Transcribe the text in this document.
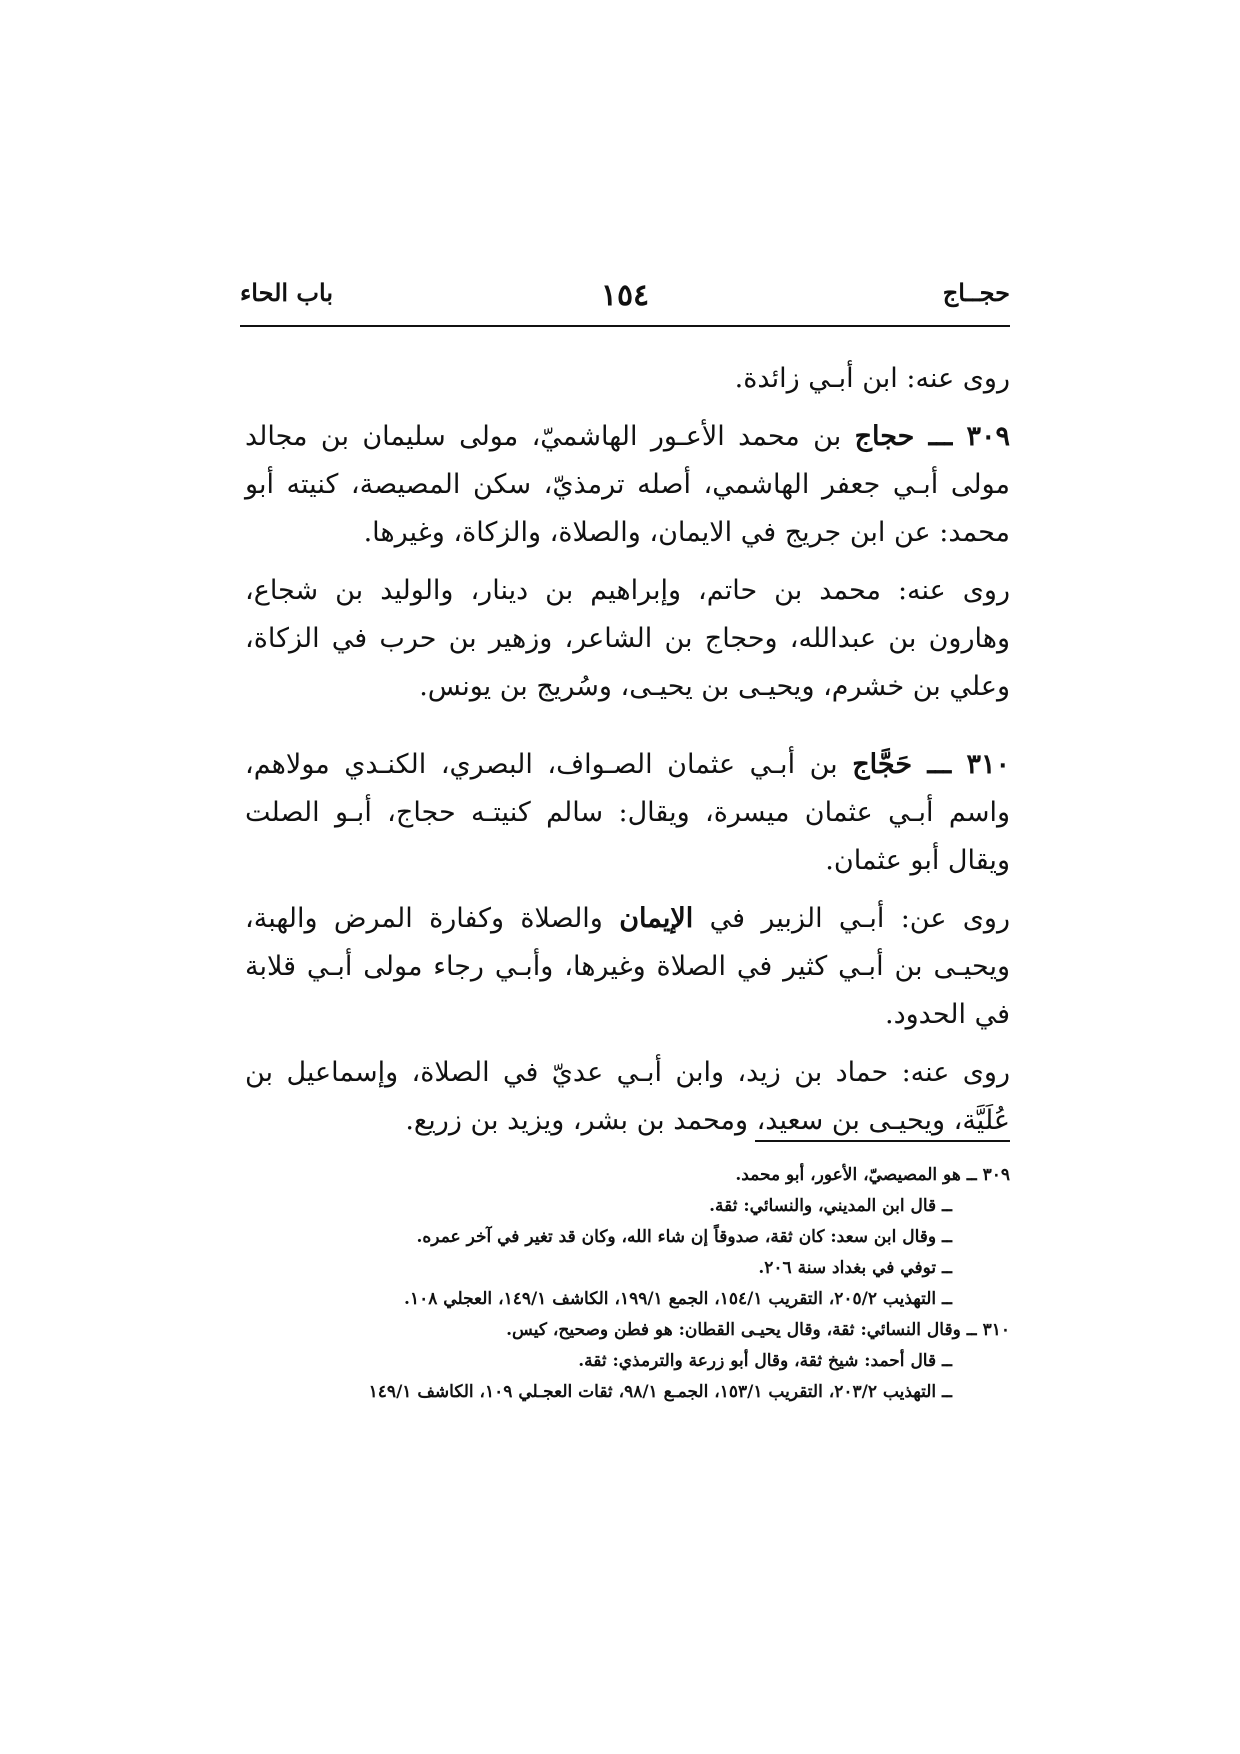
حجــاج
١٥٤
باب الحاء

روى عنه: ابن أبـي زائدة.

٣٠٩ ـــ حجاج بن محمد الأعـور الهاشميّ، مولى سليمان بن مجالد مولى أبـي جعفر الهاشمي، أصله ترمذيّ، سكن المصيصة، كنيته أبو محمد: عن ابن جريج في الايمان، والصلاة، والزكاة، وغيرها.

روى عنه: محمد بن حاتم، وإبراهيم بن دينار، والوليد بن شجاع، وهارون بن عبدالله، وحجاج بن الشاعر، وزهير بن حرب في الزكاة، وعلي بن خشرم، ويحيـى بن يحيـى، وسُريج بن يونس.

٣١٠ ـــ حَجَّاج بن أبـي عثمان الصـواف، البصري، الكنـدي مولاهم، واسم أبـي عثمان ميسرة، ويقال: سالم كنيتـه حجاج، أبـو الصلت ويقال أبو عثمان.

روى عن: أبـي الزبير في الإيمان والصلاة وكفارة المرض والهبة، ويحيـى بن أبـي كثير في الصلاة وغيرها، وأبـي رجاء مولى أبـي قلابة في الحدود.

روى عنه: حماد بن زيد، وابن أبـي عديّ في الصلاة، وإسماعيل بن عُلَيَّة، ويحيـى بن سعيد، ومحمد بن بشر، ويزيد بن زريع.

٣٠٩ ــ هو المصيصيّ، الأعور، أبو محمد.
ــ قال ابن المديني، والنسائي: ثقة.
ــ وقال ابن سعد: كان ثقة، صدوقاً إن شاء الله، وكان قد تغير في آخر عمره.
ــ توفي في بغداد سنة ٢٠٦.
ــ التهذيب ٢٠٥/٢، التقريب ١٥٤/١، الجمع ١٩٩/١، الكاشف ١٤٩/١، العجلي ١٠٨.
٣١٠ ــ وقال النسائي: ثقة، وقال يحيـى القطان: هو فطن وصحيح، كيس.
ــ قال أحمد: شيخ ثقة، وقال أبو زرعة والترمذي: ثقة.
ــ التهذيب ٢٠٣/٢، التقريب ١٥٣/١، الجمـع ٩٨/١، ثقات العجـلي ١٠٩، الكاشف ١٤٩/١
